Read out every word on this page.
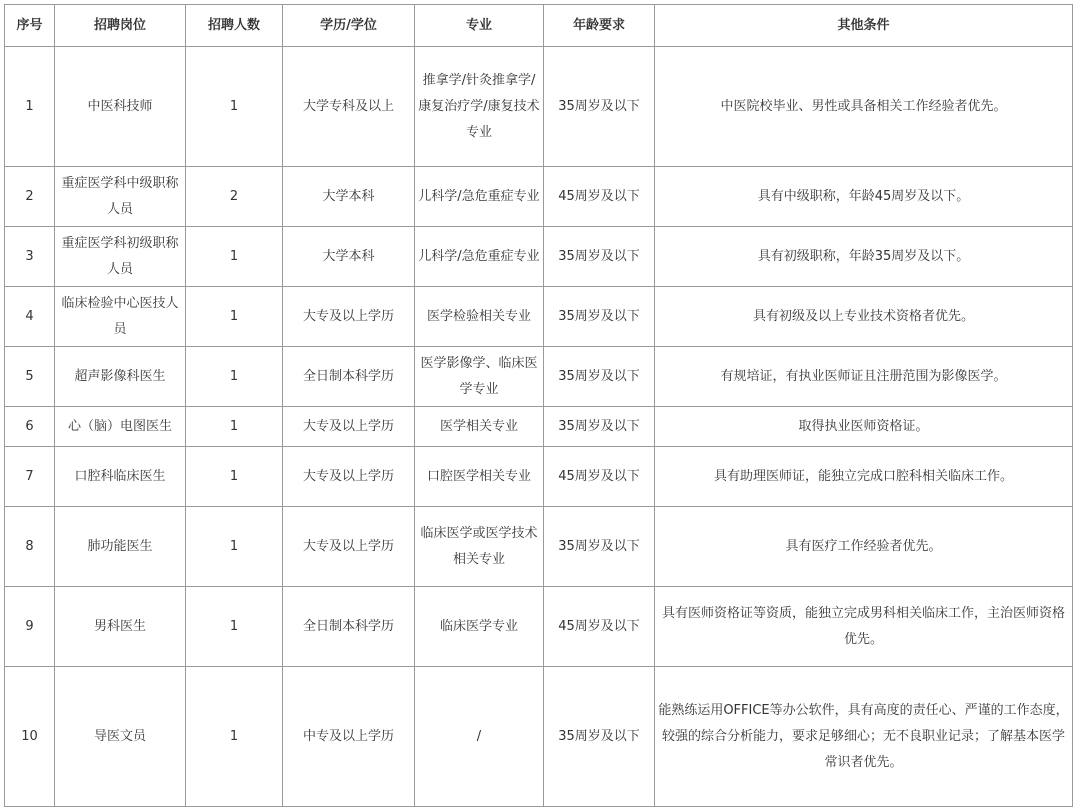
序号	招聘岗位	招聘人数	学历/学位	专业	年龄要求	其他条件
1	中医科技师	1	大学专科及以上	推拿学/针灸推拿学/康复治疗学/康复技术专业	35周岁及以下	中医院校毕业、男性或具备相关工作经验者优先。
2	重症医学科中级职称人员	2	大学本科	儿科学/急危重症专业	45周岁及以下	具有中级职称，年龄45周岁及以下。
3	重症医学科初级职称人员	1	大学本科	儿科学/急危重症专业	35周岁及以下	具有初级职称，年龄35周岁及以下。
4	临床检验中心医技人员	1	大专及以上学历	医学检验相关专业	35周岁及以下	具有初级及以上专业技术资格者优先。
5	超声影像科医生	1	全日制本科学历	医学影像学、临床医学专业	35周岁及以下	有规培证，有执业医师证且注册范围为影像医学。
6	心（脑）电图医生	1	大专及以上学历	医学相关专业	35周岁及以下	取得执业医师资格证。
7	口腔科临床医生	1	大专及以上学历	口腔医学相关专业	45周岁及以下	具有助理医师证，能独立完成口腔科相关临床工作。
8	肺功能医生	1	大专及以上学历	临床医学或医学技术相关专业	35周岁及以下	具有医疗工作经验者优先。
9	男科医生	1	全日制本科学历	临床医学专业	45周岁及以下	具有医师资格证等资质，能独立完成男科相关临床工作，主治医师资格优先。
10	导医文员	1	中专及以上学历	/	35周岁及以下	能熟练运用OFFICE等办公软件，具有高度的责任心、严谨的工作态度，较强的综合分析能力，要求足够细心；无不良职业记录；了解基本医学常识者优先。
